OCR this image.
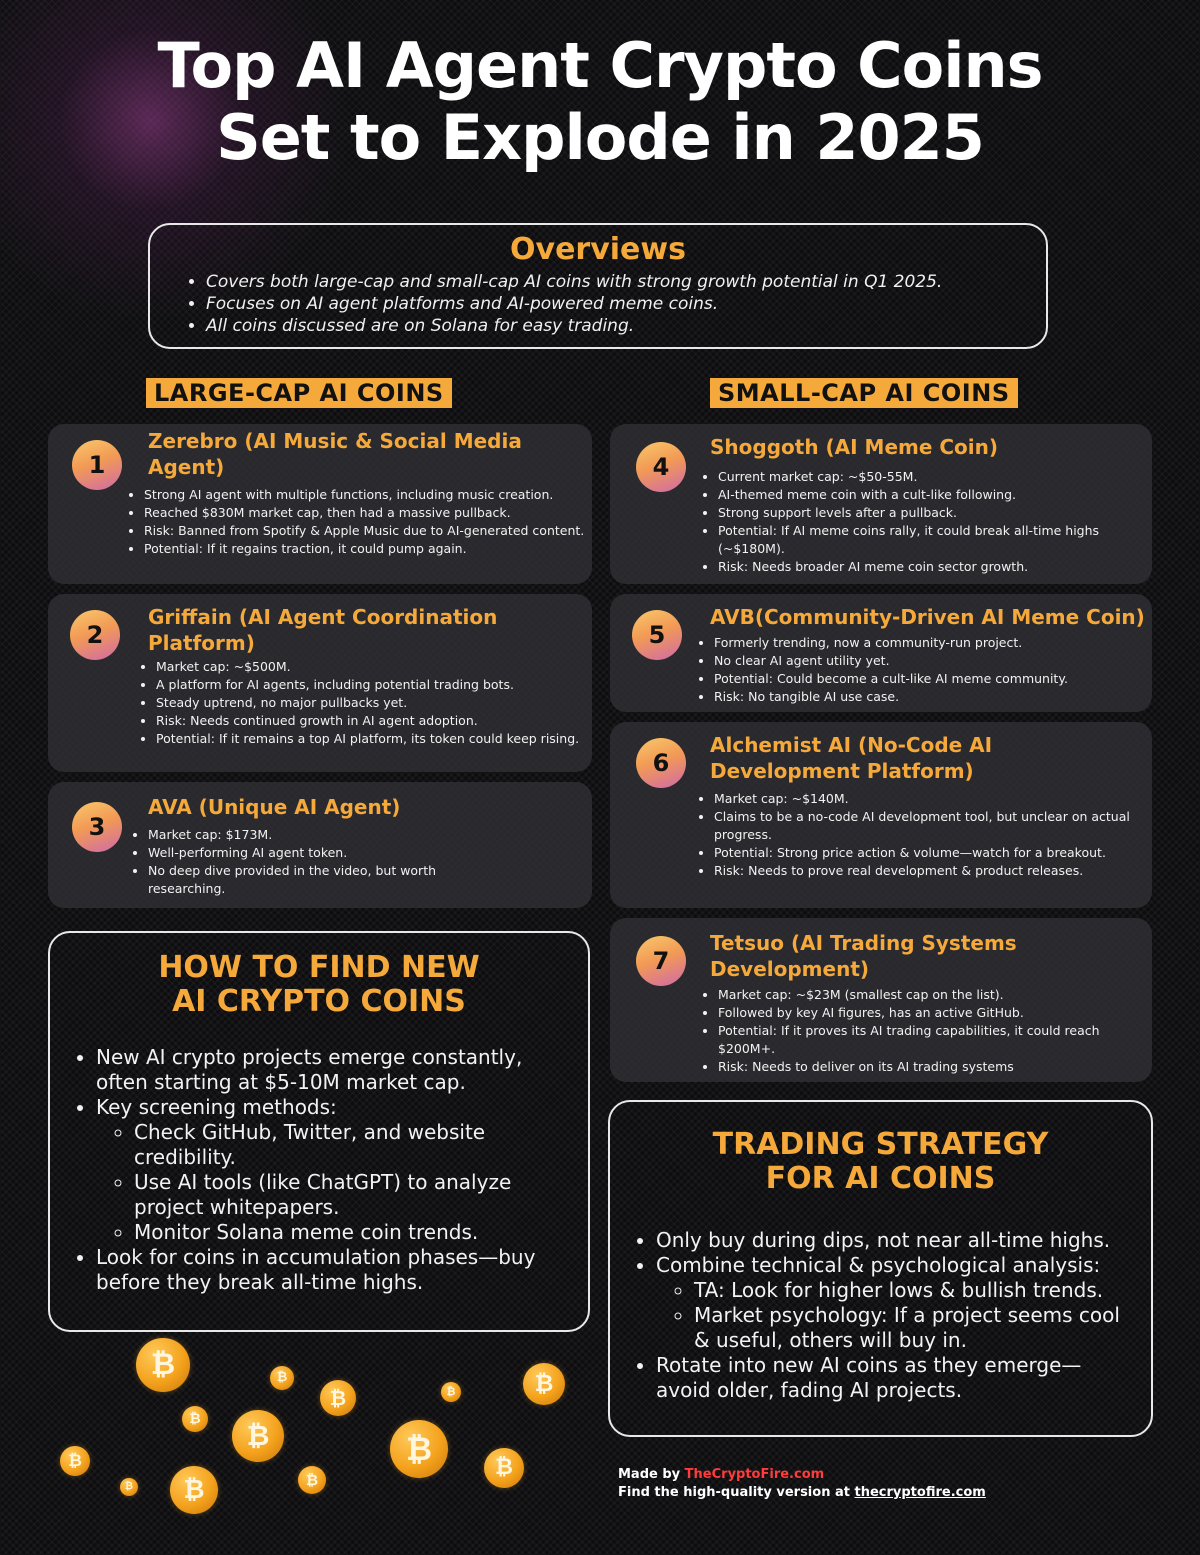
Top AI Agent Crypto Coins
Set to Explode in 2025
Overviews
• Covers both large-cap and small-cap AI coins with strong growth potential in Q1 2025.
• Focuses on AI agent platforms and AI-powered meme coins.
• All coins discussed are on Solana for easy trading.
LARGE-CAP AI COINS	SMALL-CAP AI COINS
1
Zerebro (AI Music & Social Media Agent)
• Strong AI agent with multiple functions, including music creation.
• Reached $830M market cap, then had a massive pullback.
• Risk: Banned from Spotify & Apple Music due to AI-generated content.
• Potential: If it regains traction, it could pump again.
2
Griffain (AI Agent Coordination Platform)
• Market cap: ~$500M.
• A platform for AI agents, including potential trading bots.
• Steady uptrend, no major pullbacks yet.
• Risk: Needs continued growth in AI agent adoption.
• Potential: If it remains a top AI platform, its token could keep rising.
3
AVA (Unique AI Agent)
• Market cap: $173M.
• Well-performing AI agent token.
• No deep dive provided in the video, but worth researching.
4
Shoggoth (AI Meme Coin)
• Current market cap: ~$50-55M.
• AI-themed meme coin with a cult-like following.
• Strong support levels after a pullback.
• Potential: If AI meme coins rally, it could break all-time highs (~$180M).
• Risk: Needs broader AI meme coin sector growth.
5
AVB(Community-Driven AI Meme Coin)
• Formerly trending, now a community-run project.
• No clear AI agent utility yet.
• Potential: Could become a cult-like AI meme community.
• Risk: No tangible AI use case.
6
Alchemist AI (No-Code AI Development Platform)
• Market cap: ~$140M.
• Claims to be a no-code AI development tool, but unclear on actual progress.
• Potential: Strong price action & volume—watch for a breakout.
• Risk: Needs to prove real development & product releases.
7
Tetsuo (AI Trading Systems Development)
• Market cap: ~$23M (smallest cap on the list).
• Followed by key AI figures, has an active GitHub.
• Potential: If it proves its AI trading capabilities, it could reach $200M+.
• Risk: Needs to deliver on its AI trading systems
HOW TO FIND NEW
AI CRYPTO COINS
• New AI crypto projects emerge constantly, often starting at $5-10M market cap.
• Key screening methods:
◦ Check GitHub, Twitter, and website credibility.
◦ Use AI tools (like ChatGPT) to analyze project whitepapers.
◦ Monitor Solana meme coin trends.
• Look for coins in accumulation phases—buy before they break all-time highs.
TRADING STRATEGY
FOR AI COINS
• Only buy during dips, not near all-time highs.
• Combine technical & psychological analysis:
◦ TA: Look for higher lows & bullish trends.
◦ Market psychology: If a project seems cool & useful, others will buy in.
• Rotate into new AI coins as they emerge—avoid older, fading AI projects.
₿	₿
₿	₿	₿
₿	₿	₿
₿	₿
₿	₿	₿	Made by TheCryptoFire.com
Find the high-quality version at thecryptofire.com
